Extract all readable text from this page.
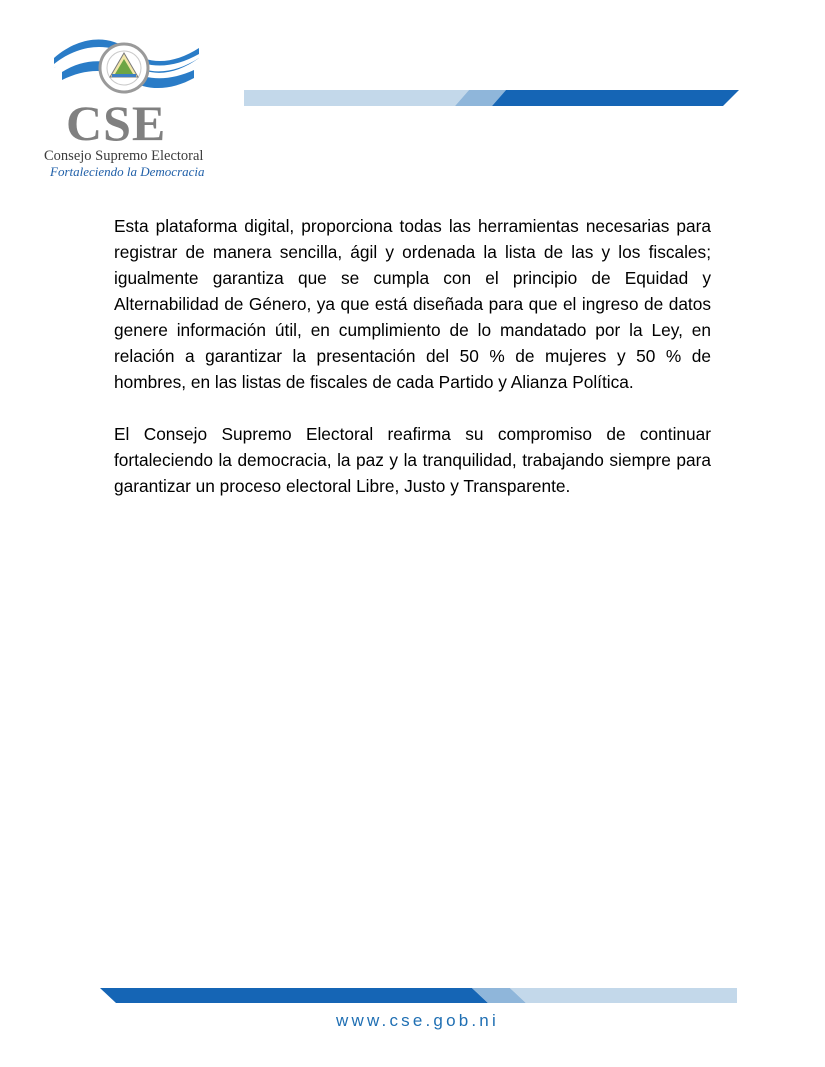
CSE
Consejo Supremo Electoral
Fortaleciendo la Democracia

Esta plataforma digital, proporciona todas las herramientas necesarias para registrar de manera sencilla, ágil y ordenada la lista de las y los fiscales; igualmente garantiza que se cumpla con el principio de Equidad y Alternabilidad de Género, ya que está diseñada para que el ingreso de datos genere información útil, en cumplimiento de lo mandatado por la Ley, en relación a garantizar la presentación del 50 % de mujeres y 50 % de hombres, en las listas de fiscales de cada Partido y Alianza Política.

El Consejo Supremo Electoral reafirma su compromiso de continuar fortaleciendo la democracia, la paz y la tranquilidad, trabajando siempre para garantizar un proceso electoral Libre, Justo y Transparente.

www.cse.gob.ni
